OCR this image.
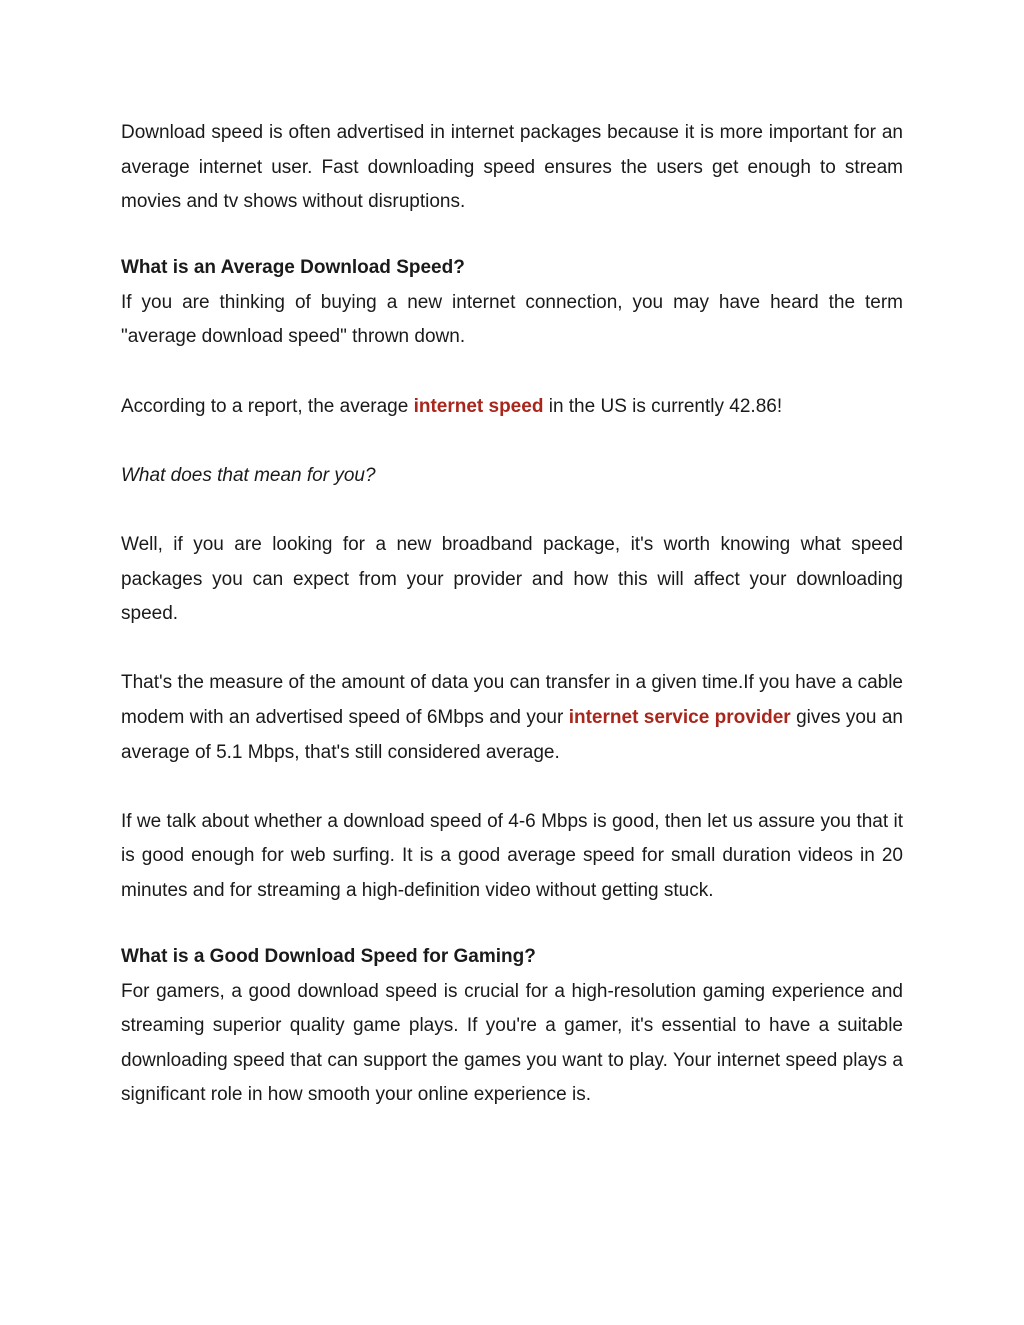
Download speed is often advertised in internet packages because it is more important for an average internet user. Fast downloading speed ensures the users get enough to stream movies and tv shows without disruptions.

What is an Average Download Speed?

If you are thinking of buying a new internet connection, you may have heard the term "average download speed" thrown down.

According to a report, the average internet speed in the US is currently 42.86!

What does that mean for you?

Well, if you are looking for a new broadband package, it's worth knowing what speed packages you can expect from your provider and how this will affect your downloading speed.

That's the measure of the amount of data you can transfer in a given time.If you have a cable modem with an advertised speed of 6Mbps and your internet service provider gives you an average of 5.1 Mbps, that's still considered average.

If we talk about whether a download speed of 4-6 Mbps is good, then let us assure you that it is good enough for web surfing. It is a good average speed for small duration videos in 20 minutes and for streaming a high-definition video without getting stuck.

What is a Good Download Speed for Gaming?

For gamers, a good download speed is crucial for a high-resolution gaming experience and streaming superior quality game plays. If you're a gamer, it's essential to have a suitable downloading speed that can support the games you want to play. Your internet speed plays a significant role in how smooth your online experience is.
